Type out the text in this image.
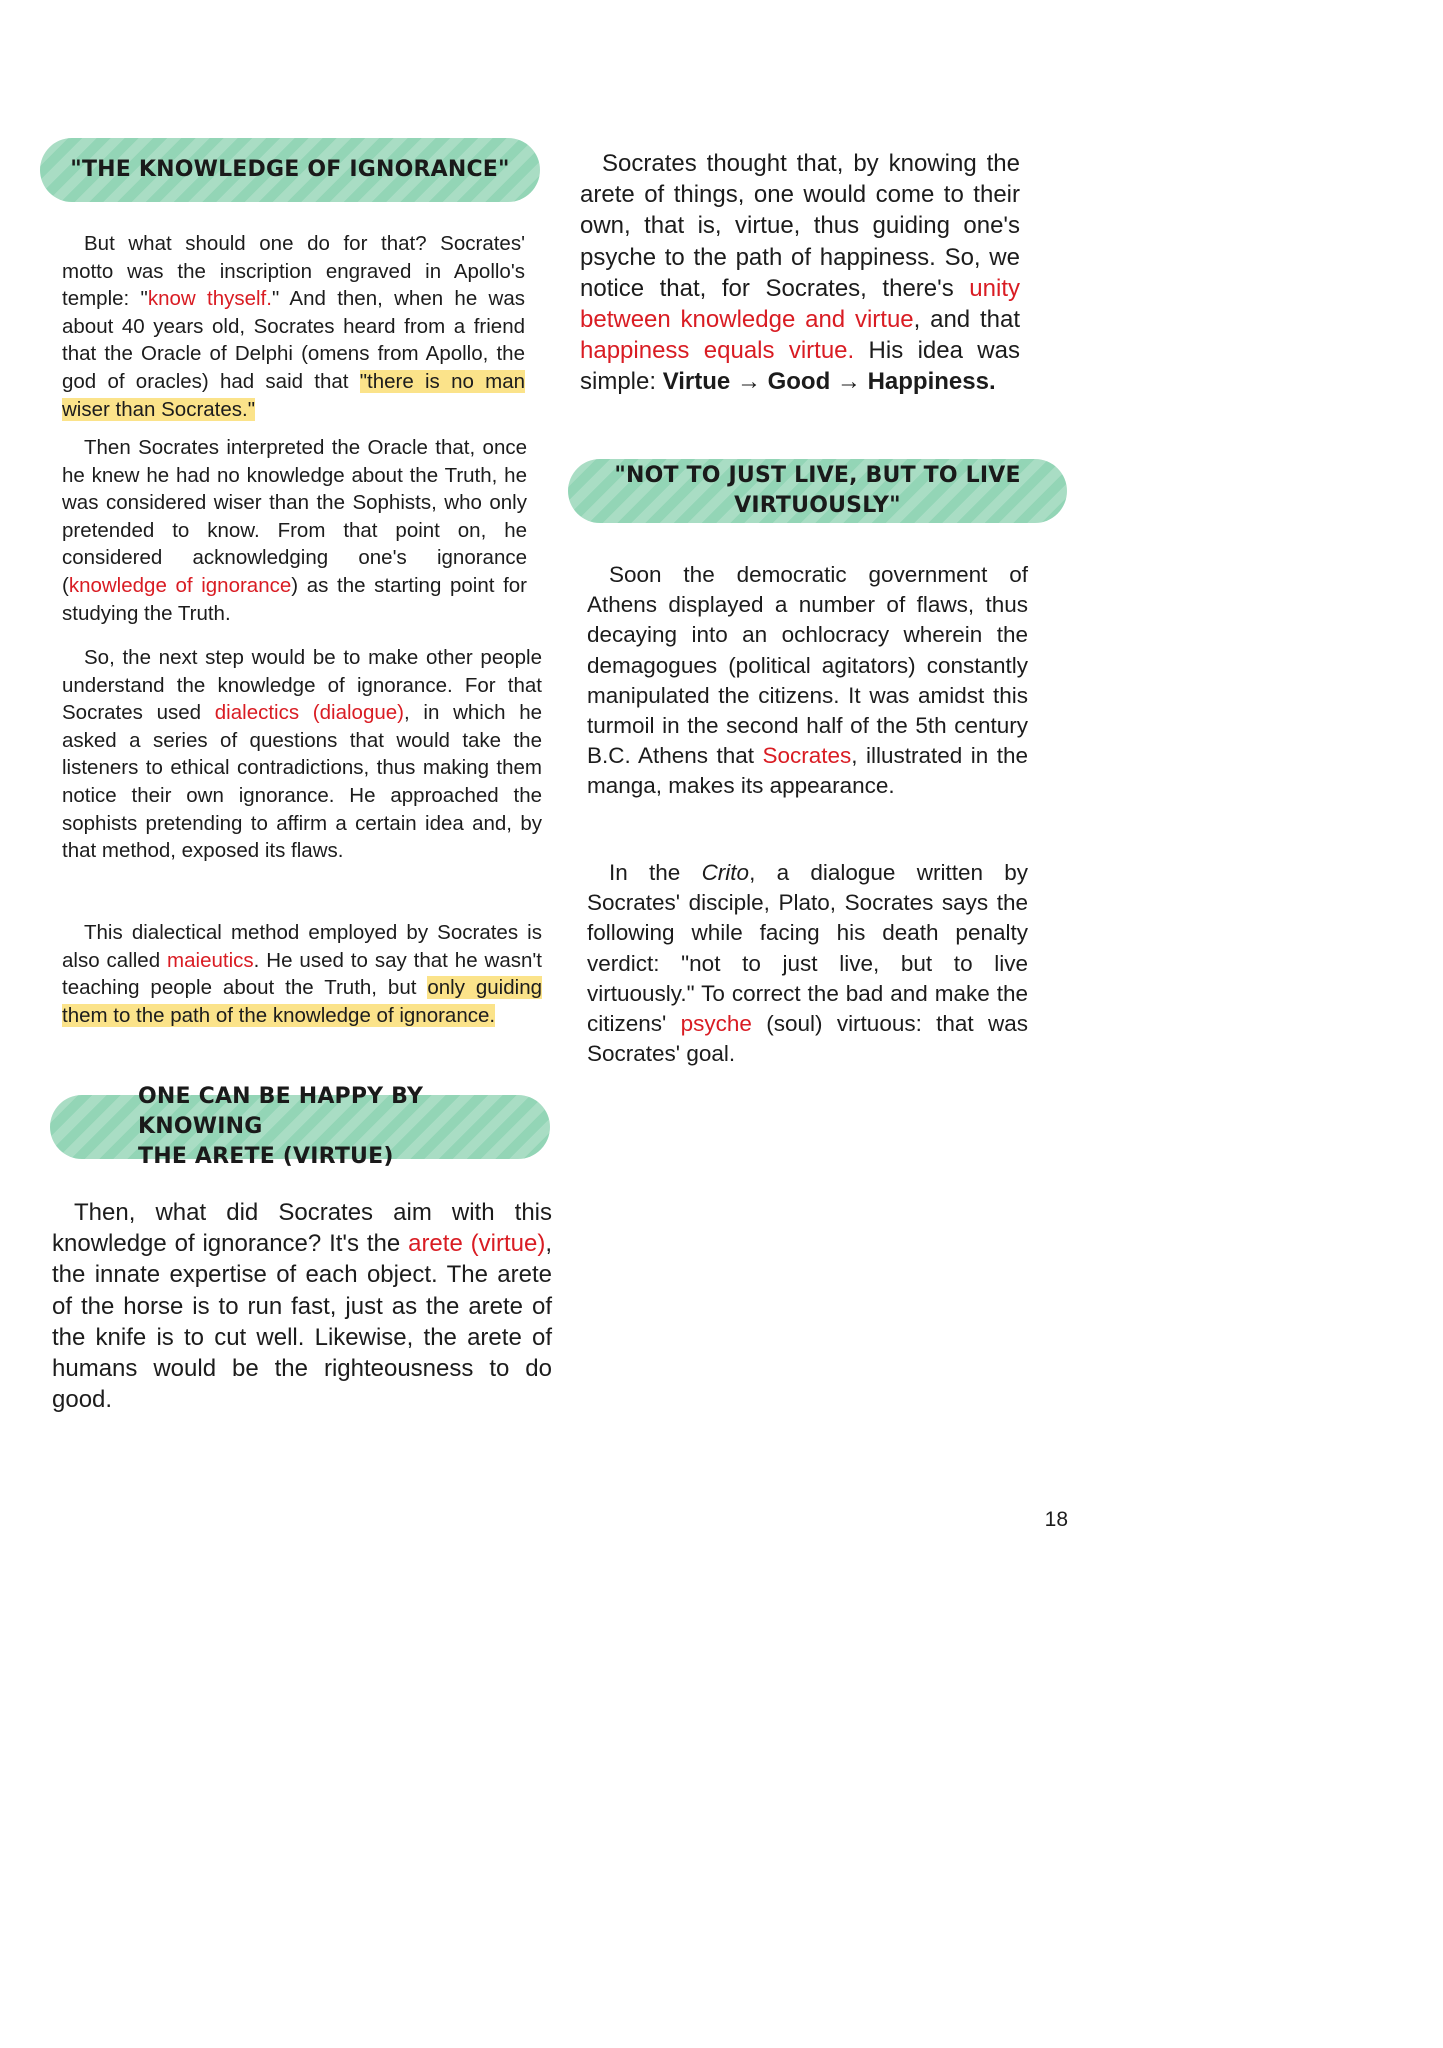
"THE KNOWLEDGE OF IGNORANCE"

But what should one do for that? Socrates' motto was the inscription engraved in Apollo's temple: "know thyself." And then, when he was about 40 years old, Socrates heard from a friend that the Oracle of Delphi (omens from Apollo, the god of oracles) had said that "there is no man wiser than Socrates."

Then Socrates interpreted the Oracle that, once he knew he had no knowledge about the Truth, he was considered wiser than the Sophists, who only pretended to know. From that point on, he considered acknowledging one's ignorance (knowledge of ignorance) as the starting point for studying the Truth.

So, the next step would be to make other people understand the knowledge of ignorance. For that Socrates used dialectics (dialogue), in which he asked a series of questions that would take the listeners to ethical contradictions, thus making them notice their own ignorance. He approached the sophists pretending to affirm a certain idea and, by that method, exposed its flaws.

This dialectical method employed by Socrates is also called maieutics. He used to say that he wasn't teaching people about the Truth, but only guiding them to the path of the knowledge of ignorance.

ONE CAN BE HAPPY BY KNOWING
THE ARETE (VIRTUE)

Then, what did Socrates aim with this knowledge of ignorance? It's the arete (virtue), the innate expertise of each object. The arete of the horse is to run fast, just as the arete of the knife is to cut well. Likewise, the arete of humans would be the righteousness to do good.

Socrates thought that, by knowing the arete of things, one would come to their own, that is, virtue, thus guiding one's psyche to the path of happiness. So, we notice that, for Socrates, there's unity between knowledge and virtue, and that happiness equals virtue. His idea was simple: Virtue → Good → Happiness.

"NOT TO JUST LIVE, BUT TO LIVE VIRTUOUSLY"

Soon the democratic government of Athens displayed a number of flaws, thus decaying into an ochlocracy wherein the demagogues (political agitators) constantly manipulated the citizens. It was amidst this turmoil in the second half of the 5th century B.C. Athens that Socrates, illustrated in the manga, makes its appearance.

In the Crito, a dialogue written by Socrates' disciple, Plato, Socrates says the following while facing his death penalty verdict: "not to just live, but to live virtuously." To correct the bad and make the citizens' psyche (soul) virtuous: that was Socrates' goal.

18
